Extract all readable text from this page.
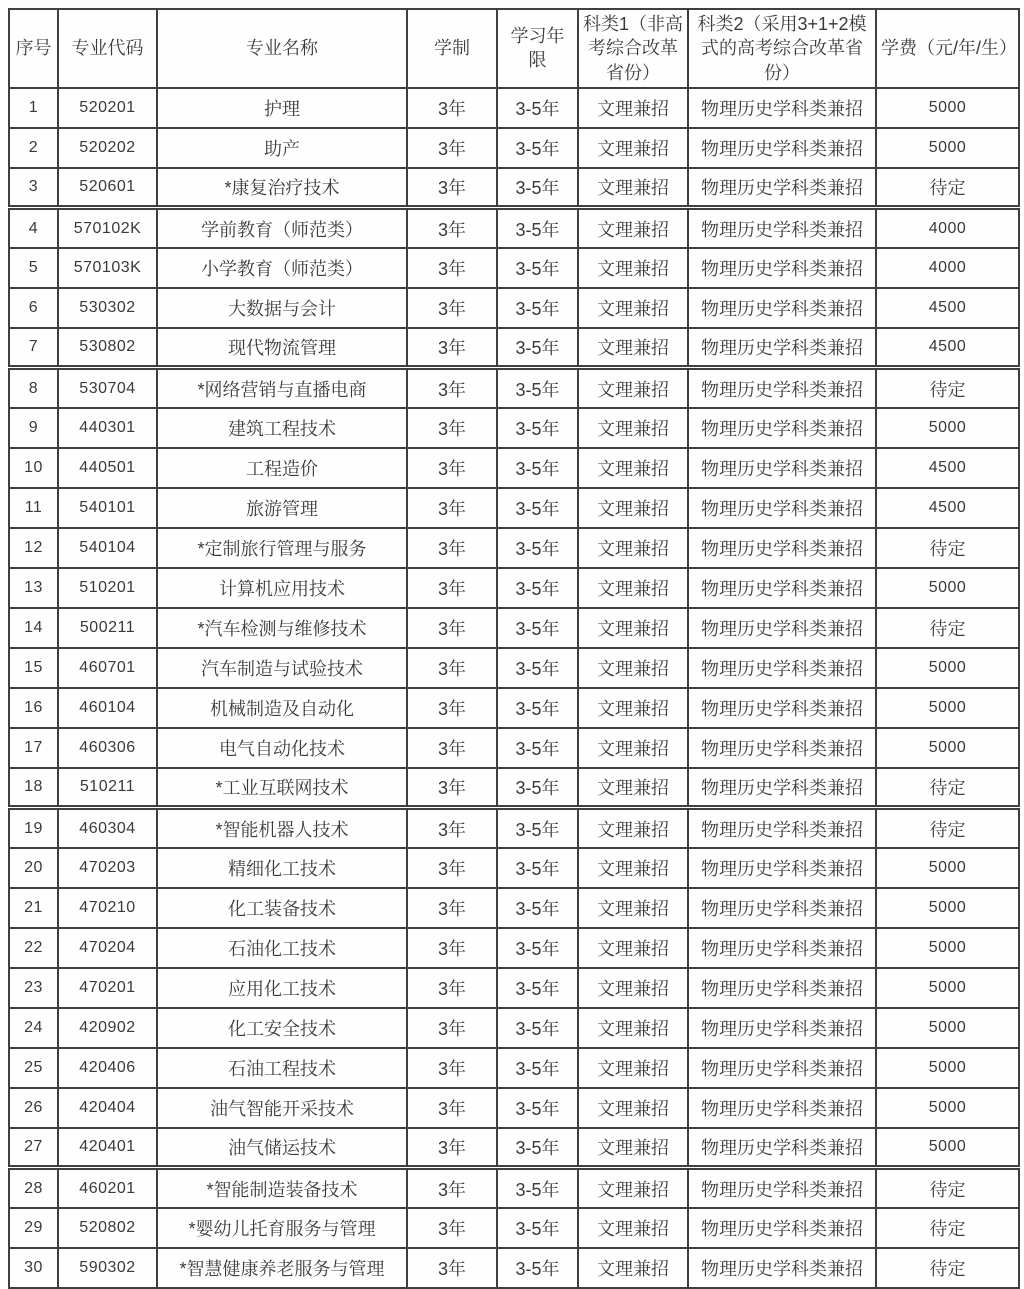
序号	专业代码	专业名称	学制	学习年限	科类1（非高考综合改革省份）	科类2（采用3+1+2模式的高考综合改革省份）	学费（元/年/生）
1	520201	护理	3年	3-5年	文理兼招	物理历史学科类兼招	5000
2	520202	助产	3年	3-5年	文理兼招	物理历史学科类兼招	5000
3	520601	*康复治疗技术	3年	3-5年	文理兼招	物理历史学科类兼招	待定
4	570102K	学前教育（师范类）	3年	3-5年	文理兼招	物理历史学科类兼招	4000
5	570103K	小学教育（师范类）	3年	3-5年	文理兼招	物理历史学科类兼招	4000
6	530302	大数据与会计	3年	3-5年	文理兼招	物理历史学科类兼招	4500
7	530802	现代物流管理	3年	3-5年	文理兼招	物理历史学科类兼招	4500
8	530704	*网络营销与直播电商	3年	3-5年	文理兼招	物理历史学科类兼招	待定
9	440301	建筑工程技术	3年	3-5年	文理兼招	物理历史学科类兼招	5000
10	440501	工程造价	3年	3-5年	文理兼招	物理历史学科类兼招	4500
11	540101	旅游管理	3年	3-5年	文理兼招	物理历史学科类兼招	4500
12	540104	*定制旅行管理与服务	3年	3-5年	文理兼招	物理历史学科类兼招	待定
13	510201	计算机应用技术	3年	3-5年	文理兼招	物理历史学科类兼招	5000
14	500211	*汽车检测与维修技术	3年	3-5年	文理兼招	物理历史学科类兼招	待定
15	460701	汽车制造与试验技术	3年	3-5年	文理兼招	物理历史学科类兼招	5000
16	460104	机械制造及自动化	3年	3-5年	文理兼招	物理历史学科类兼招	5000
17	460306	电气自动化技术	3年	3-5年	文理兼招	物理历史学科类兼招	5000
18	510211	*工业互联网技术	3年	3-5年	文理兼招	物理历史学科类兼招	待定
19	460304	*智能机器人技术	3年	3-5年	文理兼招	物理历史学科类兼招	待定
20	470203	精细化工技术	3年	3-5年	文理兼招	物理历史学科类兼招	5000
21	470210	化工装备技术	3年	3-5年	文理兼招	物理历史学科类兼招	5000
22	470204	石油化工技术	3年	3-5年	文理兼招	物理历史学科类兼招	5000
23	470201	应用化工技术	3年	3-5年	文理兼招	物理历史学科类兼招	5000
24	420902	化工安全技术	3年	3-5年	文理兼招	物理历史学科类兼招	5000
25	420406	石油工程技术	3年	3-5年	文理兼招	物理历史学科类兼招	5000
26	420404	油气智能开采技术	3年	3-5年	文理兼招	物理历史学科类兼招	5000
27	420401	油气储运技术	3年	3-5年	文理兼招	物理历史学科类兼招	5000
28	460201	*智能制造装备技术	3年	3-5年	文理兼招	物理历史学科类兼招	待定
29	520802	*婴幼儿托育服务与管理	3年	3-5年	文理兼招	物理历史学科类兼招	待定
30	590302	*智慧健康养老服务与管理	3年	3-5年	文理兼招	物理历史学科类兼招	待定
